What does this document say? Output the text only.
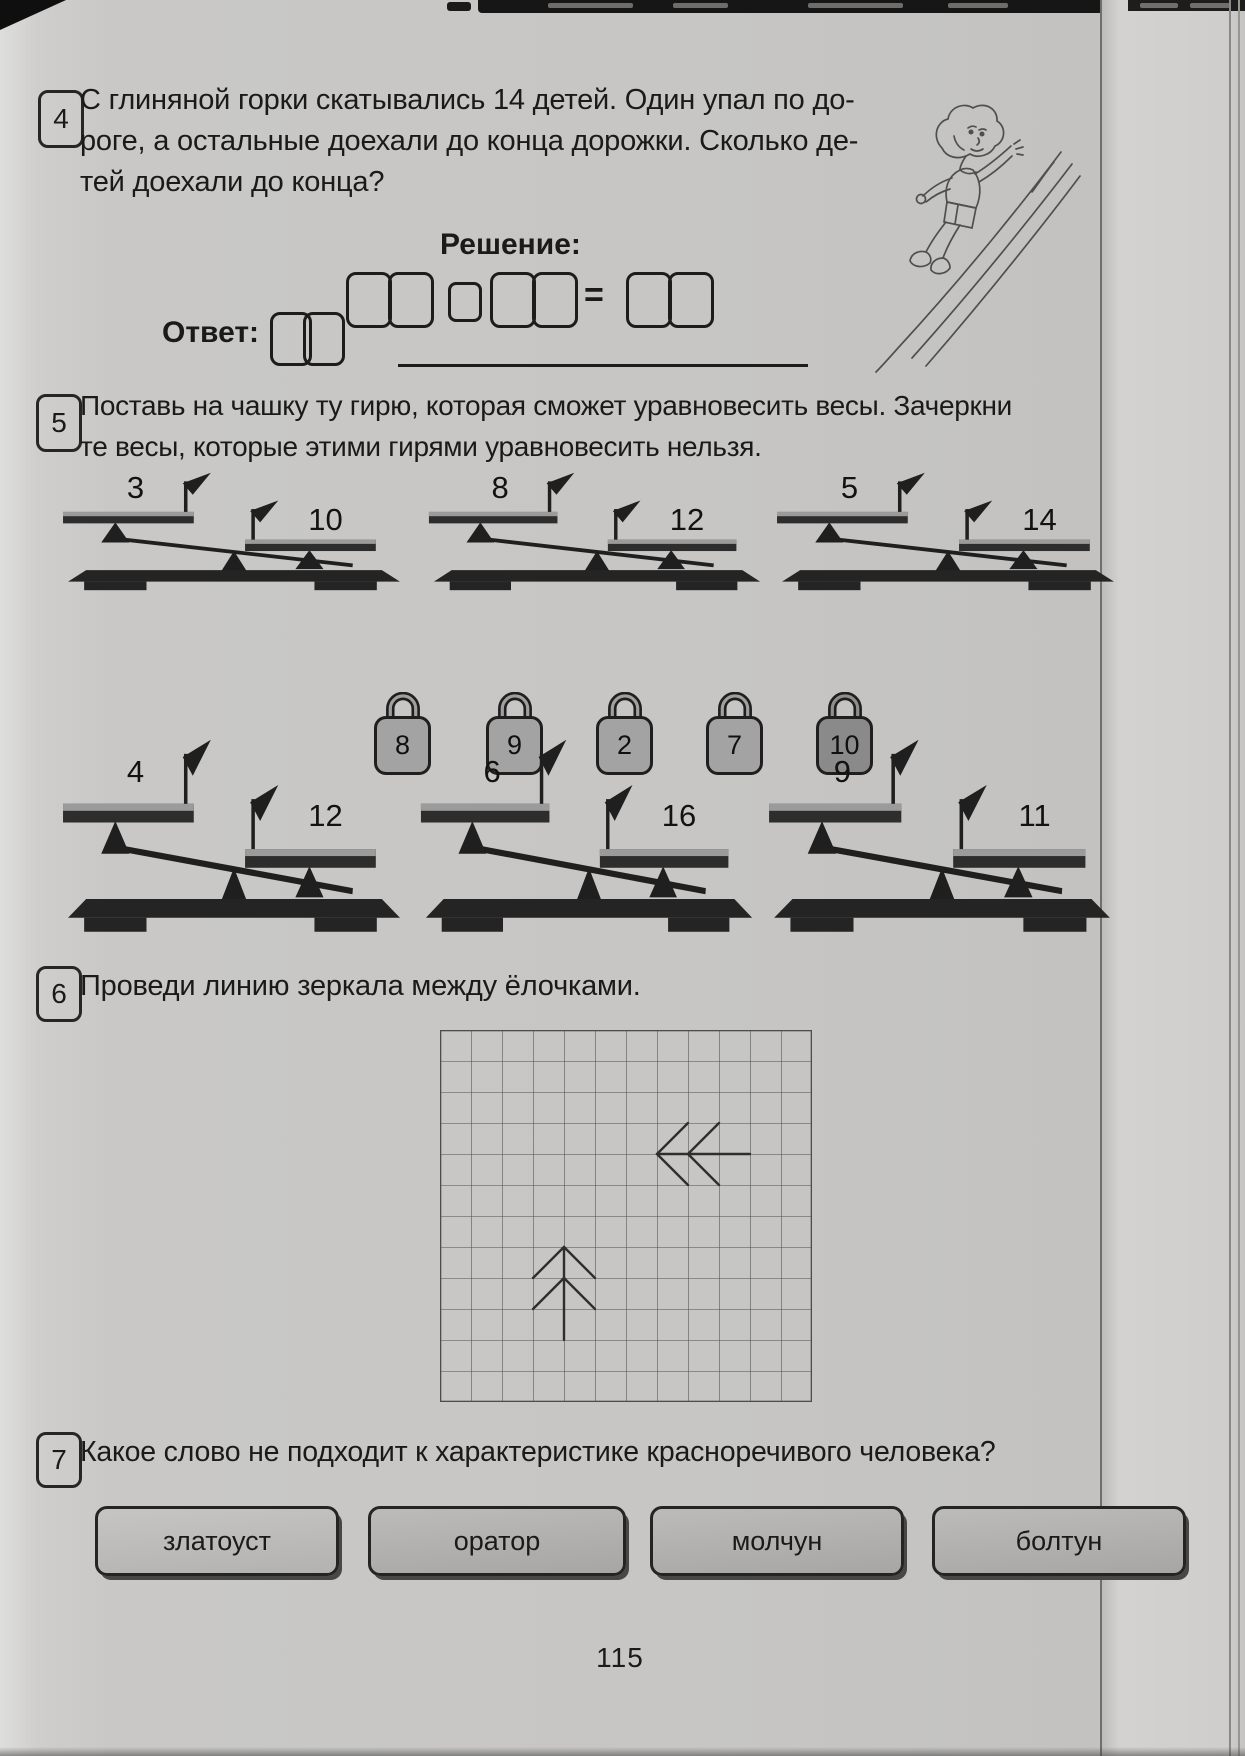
4
С глиняной горки скатывались 14 детей. Один упал по до-
роге, а остальные доехали до конца дорожки. Сколько де-
тей доехали до конца?
Решение:
=
Ответ:
5
Поставь на чашку ту гирю, которая сможет уравновесить весы. Зачеркни
те весы, которые этими гирями уравновесить нельзя.
3
10
8
12
5
14
8	9	2	7	10
4
12
6
16
9
11
6 Проведи линию зеркала между ёлочками.
7 Какое слово не подходит к характеристике красноречивого человека?
златоуст	оратор	молчун	болтун
115
